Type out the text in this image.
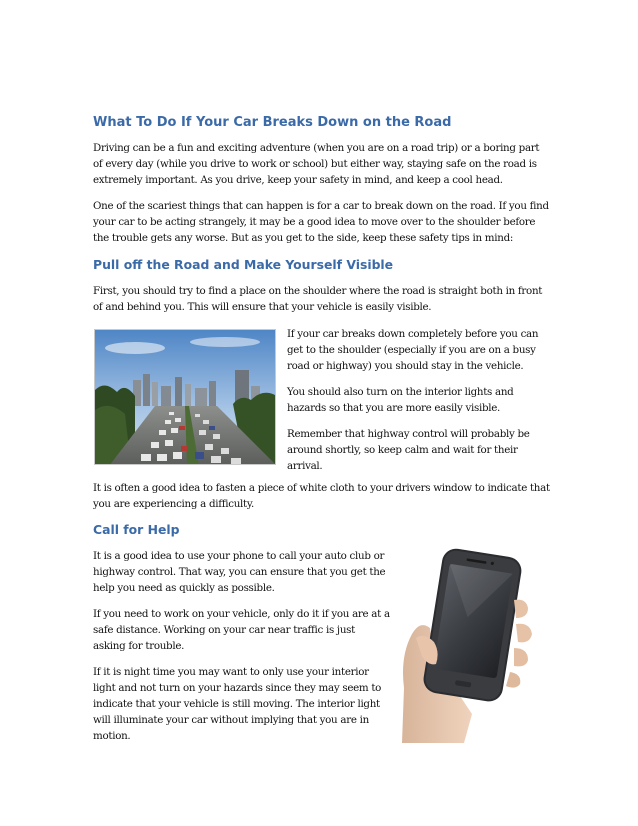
What To Do If Your Car Breaks Down on the Road
Driving can be a fun and exciting adventure (when you are on a road trip) or a boring part
of every day (while you drive to work or school) but either way, staying safe on the road is
extremely important. As you drive, keep your safety in mind, and keep a cool head.
One of the scariest things that can happen is for a car to break down on the road. If you find
your car to be acting strangely, it may be a good idea to move over to the shoulder before
the trouble gets any worse. But as you get to the side, keep these safety tips in mind:
Pull off the Road and Make Yourself Visible
First, you should try to find a place on the shoulder where the road is straight both in front
of and behind you. This will ensure that your vehicle is easily visible.
If your car breaks down completely before you can
get to the shoulder (especially if you are on a busy
road or highway) you should stay in the vehicle.
You should also turn on the interior lights and
hazards so that you are more easily visible.
Remember that highway control will probably be
around shortly, so keep calm and wait for their
arrival.
It is often a good idea to fasten a piece of white cloth to your drivers window to indicate that
you are experiencing a difficulty.
Call for Help
It is a good idea to use your phone to call your auto club or
highway control. That way, you can ensure that you get the
help you need as quickly as possible.
If you need to work on your vehicle, only do it if you are at a
safe distance. Working on your car near traffic is just
asking for trouble.
If it is night time you may want to only use your interior
light and not turn on your hazards since they may seem to
indicate that your vehicle is still moving. The interior light
will illuminate your car without implying that you are in
motion.
